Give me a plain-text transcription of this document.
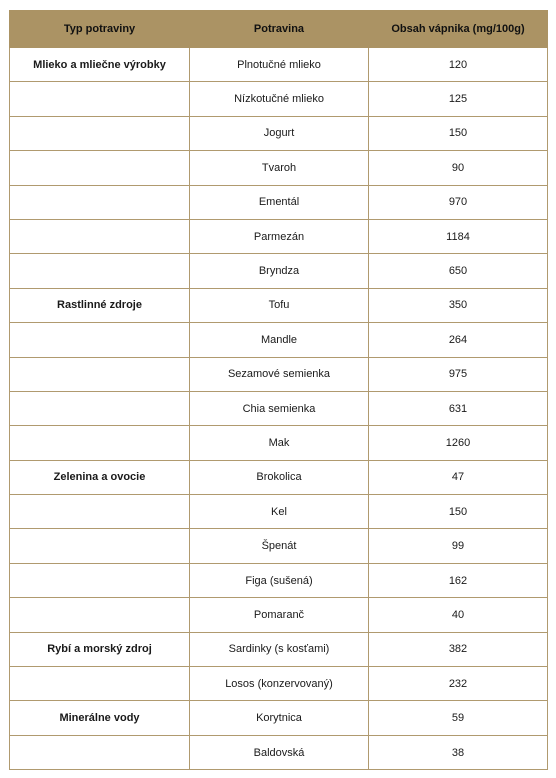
Typ potraviny	Potravina	Obsah vápnika (mg/100g)
Mlieko a mliečne výrobky	Plnotučné mlieko	120
	Nízkotučné mlieko	125
	Jogurt	150
	Tvaroh	90
	Ementál	970
	Parmezán	1184
	Bryndza	650
Rastlinné zdroje	Tofu	350
	Mandle	264
	Sezamové semienka	975
	Chia semienka	631
	Mak	1260
Zelenina a ovocie	Brokolica	47
	Kel	150
	Špenát	99
	Figa (sušená)	162
	Pomaranč	40
Rybí a morský zdroj	Sardinky (s kosťami)	382
	Losos (konzervovaný)	232
Minerálne vody	Korytnica	59
	Baldovská	38
